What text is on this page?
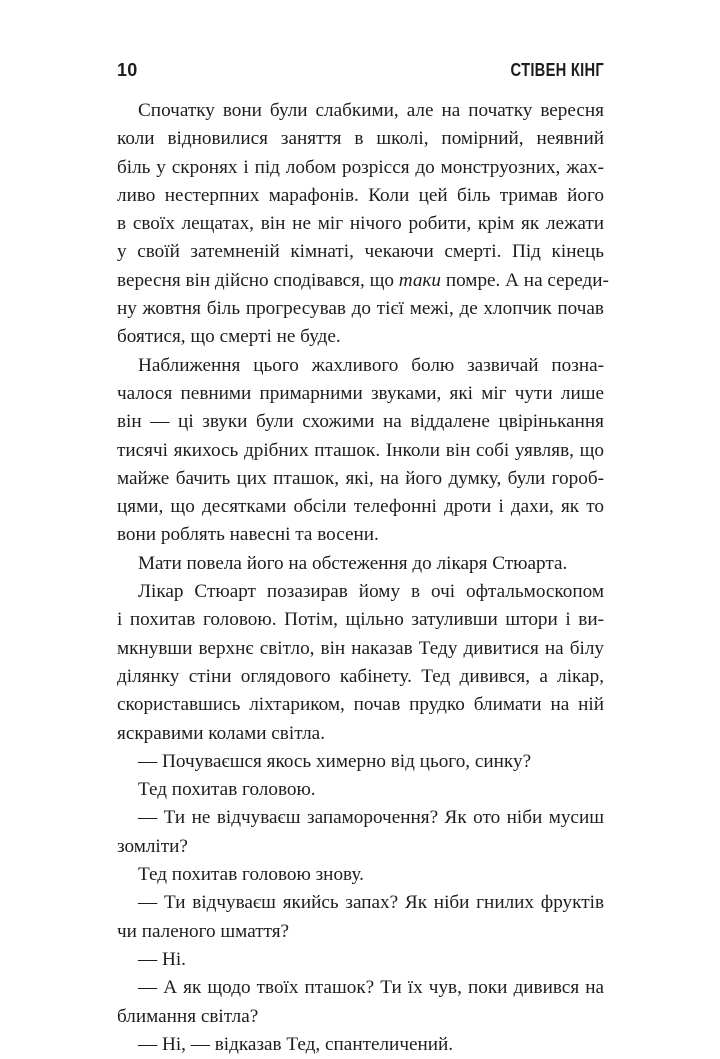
10	СТІВЕН КІНГ
Спочатку вони були слабкими, але на початку вересня
коли відновилися заняття в школі, помірний, неявний
біль у скронях і під лобом розрісся до монструозних, жах-
ливо нестерпних марафонів. Коли цей біль тримав його
в своїх лещатах, він не міг нічого робити, крім як лежати
у своїй затемненій кімнаті, чекаючи смерті. Під кінець
вересня він дійсно сподівався, що таки помре. А на середи-
ну жовтня біль прогресував до тієї межі, де хлопчик почав
боятися, що смерті не буде.
Наближення цього жахливого болю зазвичай позна-
чалося певними примарними звуками, які міг чути лише
він — ці звуки були схожими на віддалене цвірінькання
тисячі якихось дрібних пташок. Інколи він собі уявляв, що
майже бачить цих пташок, які, на його думку, були гороб-
цями, що десятками обсіли телефонні дроти і дахи, як то
вони роблять навесні та восени.
Мати повела його на обстеження до лікаря Стюарта.
Лікар Стюарт позазирав йому в очі офтальмоскопом
і похитав головою. Потім, щільно затуливши штори і ви-
мкнувши верхнє світло, він наказав Теду дивитися на білу
ділянку стіни оглядового кабінету. Тед дивився, а лікар,
скориставшись ліхтариком, почав прудко блимати на ній
яскравими колами світла.
— Почуваєшся якось химерно від цього, синку?
Тед похитав головою.
— Ти не відчуваєш запаморочення? Як ото ніби мусиш
зомліти?
Тед похитав головою знову.
— Ти відчуваєш якийсь запах? Як ніби гнилих фруктів
чи паленого шмаття?
— Ні.
— А як щодо твоїх пташок? Ти їх чув, поки дивився на
блимання світла?
— Ні, — відказав Тед, спантеличений.
